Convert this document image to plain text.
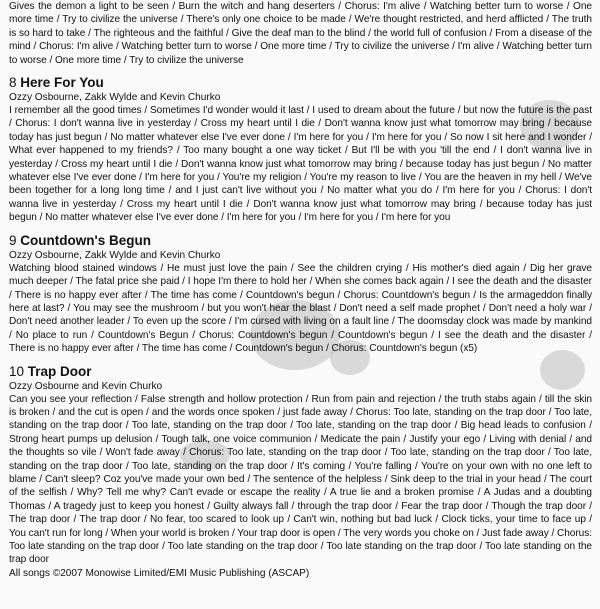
Gives the demon a light to be seen / Burn the witch and hang deserters / Chorus: I'm alive / Watching better turn to worse / One more time / Try to civilize the universe / There's only one choice to be made / We're thought restricted, and herd afflicted / The truth is so hard to take / The righteous and the faithful / Give the deaf man to the blind / the world full of confusion / From a disease of the mind / Chorus: I'm alive / Watching better turn to worse / One more time / Try to civilize the universe / I'm alive / Watching better turn to worse / One more time / Try to civilize the universe

8 Here For You
Ozzy Osbourne, Zakk Wylde and Kevin Churko

I remember all the good times / Sometimes I'd wonder would it last / I used to dream about the future / but now the future is the past / Chorus: I don't wanna live in yesterday / Cross my heart until I die / Don't wanna know just what tomorrow may bring / because today has just begun / No matter whatever else I've ever done / I'm here for you / I'm here for you / So now I sit here and I wonder / What ever happened to my friends? / Too many bought a one way ticket / But I'll be with you 'till the end / I don't wanna live in yesterday / Cross my heart until I die / Don't wanna know just what tomorrow may bring / because today has just begun / No matter whatever else I've ever done / I'm here for you / You're my religion / You're my reason to live / You are the heaven in my hell / We've been together for a long long time / and I just can't live without you / No matter what you do / I'm here for you / Chorus: I don't wanna live in yesterday / Cross my heart until I die / Don't wanna know just what tomorrow may bring / because today has just begun / No matter whatever else I've ever done / I'm here for you / I'm here for you / I'm here for you

9 Countdown's Begun
Ozzy Osbourne, Zakk Wylde and Kevin Churko

Watching blood stained windows / He must just love the pain / See the children crying / His mother's died again / Dig her grave much deeper / The fatal price she paid / I hope I'm there to hold her / When she comes back again / I see the death and the disaster / There is no happy ever after / The time has come / Countdown's begun / Chorus: Countdown's begun / Is the armageddon finally here at last? / You may see the mushroom / but you won't hear the blast / Don't need a self made prophet / Don't need a holy war / Don't need another leader / To even up the score / I'm cursed with living on a fault line / The doomsday clock was made by mankind / No place to run / Countdown's Begun / Chorus: Countdown's begun / Countdown's begun / I see the death and the disaster / There is no happy ever after / The time has come / Countdown's begun / Chorus: Countdown's begun (x5)

10 Trap Door
Ozzy Osbourne and Kevin Churko

Can you see your reflection / False strength and hollow protection / Run from pain and rejection / the truth stabs again / till the skin is broken / and the cut is open / and the words once spoken / just fade away / Chorus: Too late, standing on the trap door / Too late, standing on the trap door / Too late, standing on the trap door / Too late, standing on the trap door / Big head leads to confusion / Strong heart pumps up delusion / Tough talk, one voice communion / Medicate the pain / Justify your ego / Living with denial / and the thoughts so vile / Won't fade away / Chorus: Too late, standing on the trap door / Too late, standing on the trap door / Too late, standing on the trap door / Too late, standing on the trap door / It's coming / You're falling / You're on your own with no one left to blame / Can't sleep? Coz you've made your own bed / The sentence of the helpless / Sink deep to the trial in your head / The court of the selfish / Why? Tell me why? Can't evade or escape the reality / A true lie and a broken promise / A Judas and a doubting Thomas / A tragedy just to keep you honest / Guilty always fall / through the trap door / Fear the trap door / Though the trap door / The trap door / The trap door / No fear, too scared to look up / Can't win, nothing but bad luck / Clock ticks, your time to face up / You can't run for long / When your world is broken / Your trap door is open / The very words you choke on / Just fade away / Chorus: Too late standing on the trap door / Too late standing on the trap door / Too late standing on the trap door / Too late standing on the trap door

All songs ©2007 Monowise Limited/EMI Music Publishing (ASCAP)
